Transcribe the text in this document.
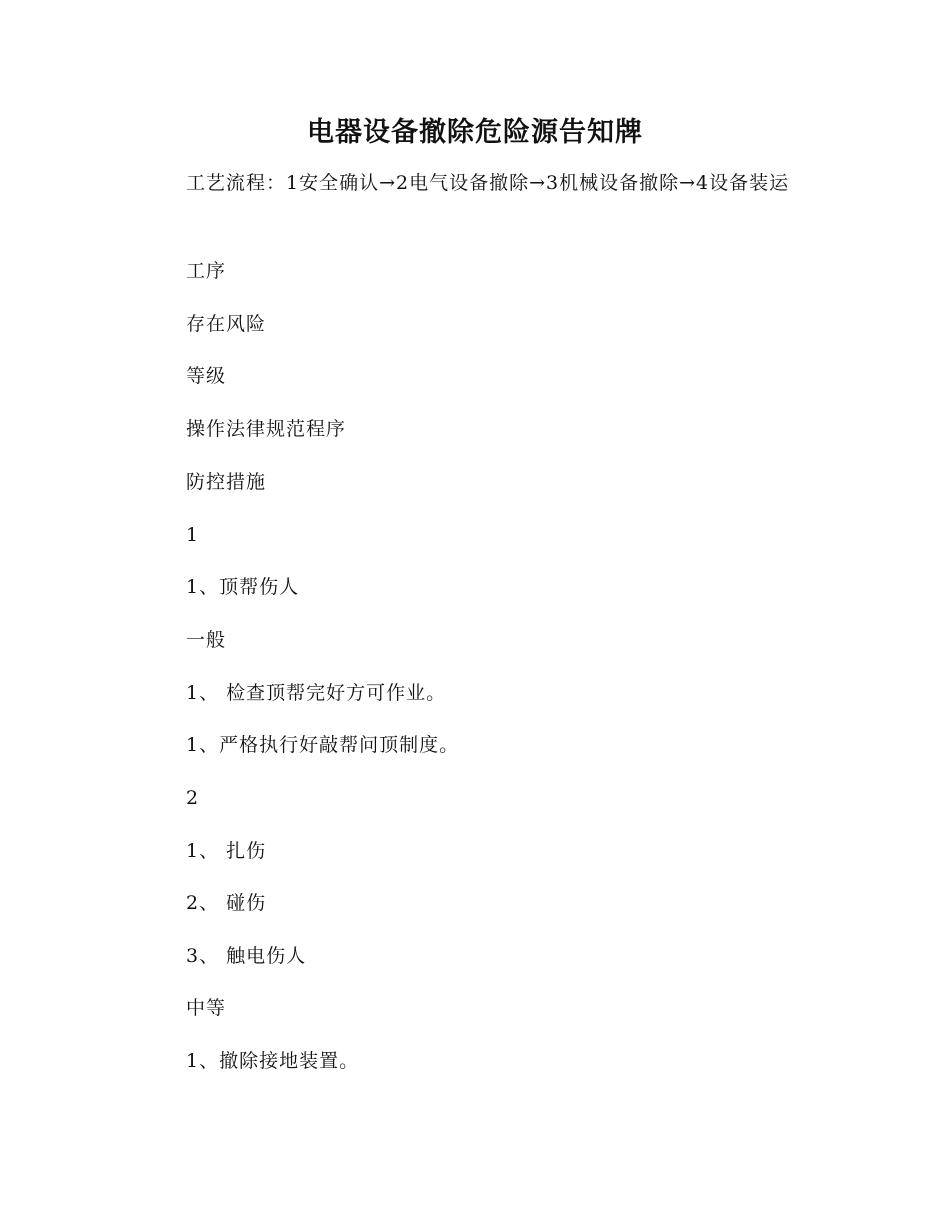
电器设备撤除危险源告知牌

工艺流程：1安全确认→2电气设备撤除→3机械设备撤除→4设备装运

工序

存在风险

等级

操作法律规范程序

防控措施

1

1、顶帮伤人

一般

1、 检查顶帮完好方可作业。

1、严格执行好敲帮问顶制度。

2

1、 扎伤

2、 碰伤

3、 触电伤人

中等

1、撤除接地装置。
